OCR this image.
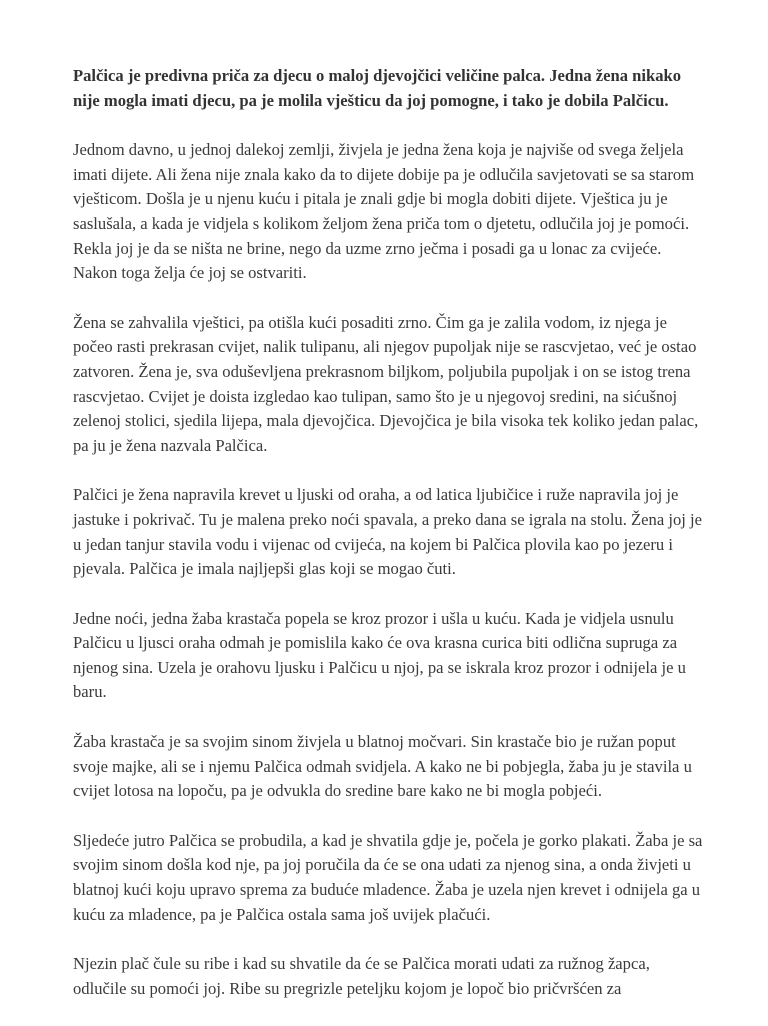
Palčica je predivna priča za djecu o maloj djevojčici veličine palca. Jedna žena nikako nije mogla imati djecu, pa je molila vješticu da joj pomogne, i tako je dobila Palčicu.

Jednom davno, u jednoj dalekoj zemlji, živjela je jedna žena koja je najviše od svega željela imati dijete. Ali žena nije znala kako da to dijete dobije pa je odlučila savjetovati se sa starom vješticom. Došla je u njenu kuću i pitala je znali gdje bi mogla dobiti dijete. Vještica ju je saslušala, a kada je vidjela s kolikom željom žena priča tom o djetetu, odlučila joj je pomoći. Rekla joj je da se ništa ne brine, nego da uzme zrno ječma i posadi ga u lonac za cvijeće. Nakon toga želja će joj se ostvariti.

Žena se zahvalila vještici, pa otišla kući posaditi zrno. Čim ga je zalila vodom, iz njega je počeo rasti prekrasan cvijet, nalik tulipanu, ali njegov pupoljak nije se rascvjetao, već je ostao zatvoren. Žena je, sva oduševljena prekrasnom biljkom, poljubila pupoljak i on se istog trena rascvjetao. Cvijet je doista izgledao kao tulipan, samo što je u njegovoj sredini, na sićušnoj zelenoj stolici, sjedila lijepa, mala djevojčica. Djevojčica je bila visoka tek koliko jedan palac, pa ju je žena nazvala Palčica.

Palčici je žena napravila krevet u ljuski od oraha, a od latica ljubičice i ruže napravila joj je jastuke i pokrivač. Tu je malena preko noći spavala, a preko dana se igrala na stolu. Žena joj je u jedan tanjur stavila vodu i vijenac od cvijeća, na kojem bi Palčica plovila kao po jezeru i pjevala. Palčica je imala najljepši glas koji se mogao čuti.

Jedne noći, jedna žaba krastača popela se kroz prozor i ušla u kuću. Kada je vidjela usnulu Palčicu u ljusci oraha odmah je pomislila kako će ova krasna curica biti odlična supruga za njenog sina. Uzela je orahovu ljusku i Palčicu u njoj, pa se iskrala kroz prozor i odnijela je u baru.

Žaba krastača je sa svojim sinom živjela u blatnoj močvari. Sin krastače bio je ružan poput svoje majke, ali se i njemu Palčica odmah svidjela. A kako ne bi pobjegla, žaba ju je stavila u cvijet lotosa na lopoču, pa je odvukla do sredine bare kako ne bi mogla pobjeći.

Sljedeće jutro Palčica se probudila, a kad je shvatila gdje je, počela je gorko plakati. Žaba je sa svojim sinom došla kod nje, pa joj poručila da će se ona udati za njenog sina, a onda živjeti u blatnoj kući koju upravo sprema za buduće mladence. Žaba je uzela njen krevet i odnijela ga u kuću za mladence, pa je Palčica ostala sama još uvijek plačući.

Njezin plač čule su ribe i kad su shvatile da će se Palčica morati udati za ružnog žapca, odlučile su pomoći joj. Ribe su pregrizle peteljku kojom je lopoč bio pričvršćen za
